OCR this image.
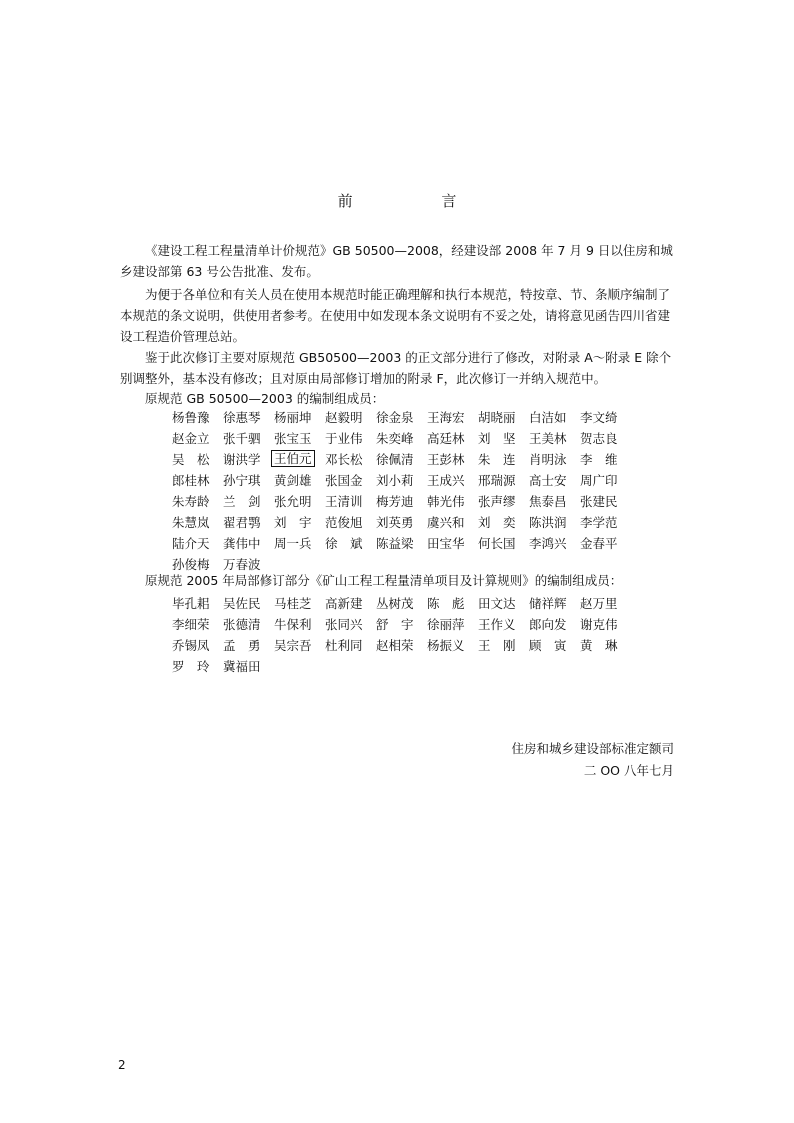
前 言

《建设工程工程量清单计价规范》GB 50500—2008，经建设部 2008 年 7 月 9 日以住房和城乡建设部第 63 号公告批准、发布。

为便于各单位和有关人员在使用本规范时能正确理解和执行本规范，特按章、节、条顺序编制了本规范的条文说明，供使用者参考。在使用中如发现本条文说明有不妥之处，请将意见函告四川省建设工程造价管理总站。

鉴于此次修订主要对原规范 GB50500—2003 的正文部分进行了修改，对附录 A～附录 E 除个别调整外，基本没有修改；且对原由局部修订增加的附录 F，此次修订一并纳入规范中。

原规范 GB 50500—2003 的编制组成员：
杨鲁豫	徐惠琴	杨丽坤	赵毅明	徐金泉	王海宏	胡晓丽	白洁如	李文绮
赵金立	张千驷	张宝玉	于业伟	朱奕峰	高廷林	刘　坚	王美林	贺志良
吴　松	谢洪学	王伯元	邓长松	徐佩清	王彭林	朱　连	肖明泳	李　维
郎桂林	孙宁琪	黄剑雄	张国金	刘小莉	王成兴	邢瑞源	高士安	周广印
朱寿龄	兰　剑	张允明	王清训	梅芳迪	韩光伟	张声缪	焦泰昌	张建民
朱慧岚	翟君鹗	刘　宇	范俊旭	刘英勇	虞兴和	刘　奕	陈洪润	李学范
陆介天	龚伟中	周一兵	徐　斌	陈益梁	田宝华	何长国	李鸿兴	金春平
孙俊梅	万春波
原规范 2005 年局部修订部分《矿山工程工程量清单项目及计算规则》的编制组成员：
毕孔耜	吴佐民	马桂芝	高新建	丛树茂	陈　彪	田文达	储祥辉	赵万里
李细荣	张德清	牛保利	张同兴	舒　宇	徐丽萍	王作义	郎向发	谢克伟
乔锡凤	孟　勇	吴宗吾	杜利同	赵相荣	杨振义	王　刚	顾　寅	黄　琳
罗　玲	冀福田
住房和城乡建设部标准定额司
二 OO 八年七月
2
